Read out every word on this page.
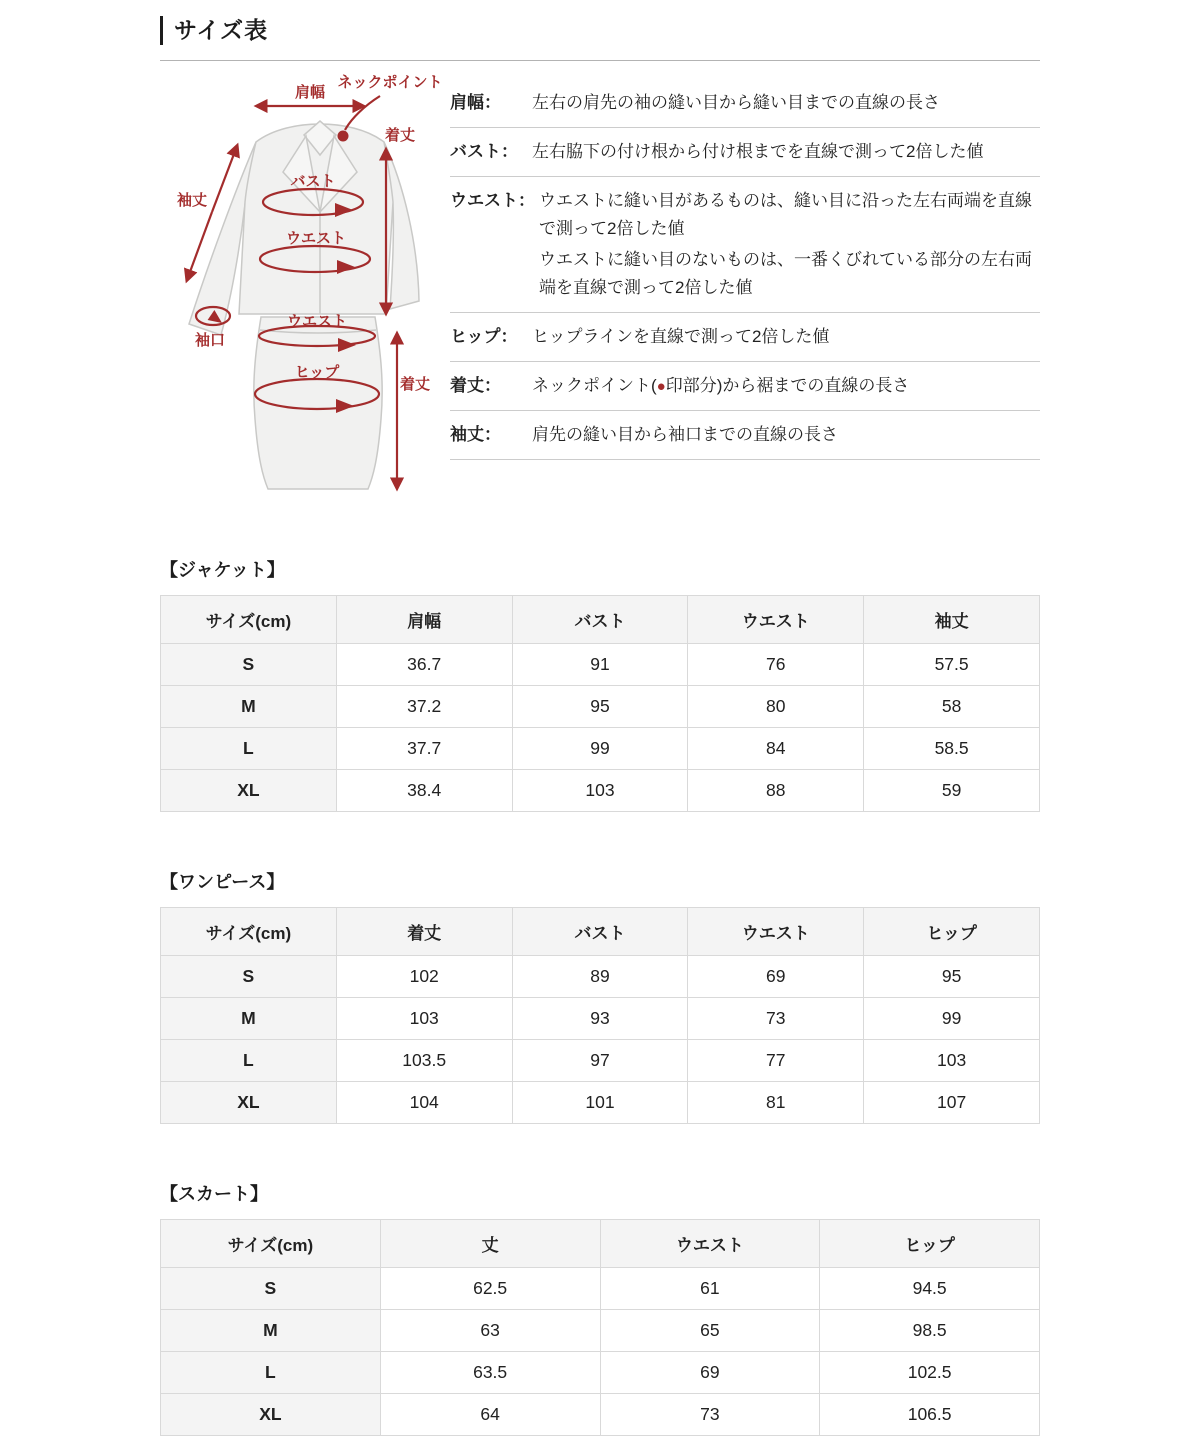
サイズ表
肩幅
ネックポイント
着丈
袖丈
バスト
ウエスト
袖口
ウエスト
ヒップ
着丈
肩幅：	左右の肩先の袖の縫い目から縫い目までの直線の長さ

バスト： 左右脇下の付け根から付け根までを直線で測って2倍した値

ウエスト： ウエストに縫い目があるものは、縫い目に沿った左右両端を直線で測って2倍した値

ウエストに縫い目のないものは、一番くびれている部分の左右両端を直線で測って2倍した値

ヒップ： ヒップラインを直線で測って2倍した値

着丈：	ネックポイント(●印部分)から裾までの直線の長さ

袖丈：	肩先の縫い目から袖口までの直線の長さ

【ジャケット】
サイズ(cm)	肩幅	バスト	ウエスト	袖丈
S	36.7	91	76	57.5
M	37.2	95	80	58
L	37.7	99	84	58.5
XL	38.4	103	88	59
【ワンピース】
サイズ(cm)	着丈	バスト	ウエスト	ヒップ
S	102	89	69	95
M	103	93	73	99
L	103.5	97	77	103
XL	104	101	81	107
【スカート】
サイズ(cm)	丈	ウエスト	ヒップ
S	62.5	61	94.5
M	63	65	98.5
L	63.5	69	102.5
XL	64	73	106.5
